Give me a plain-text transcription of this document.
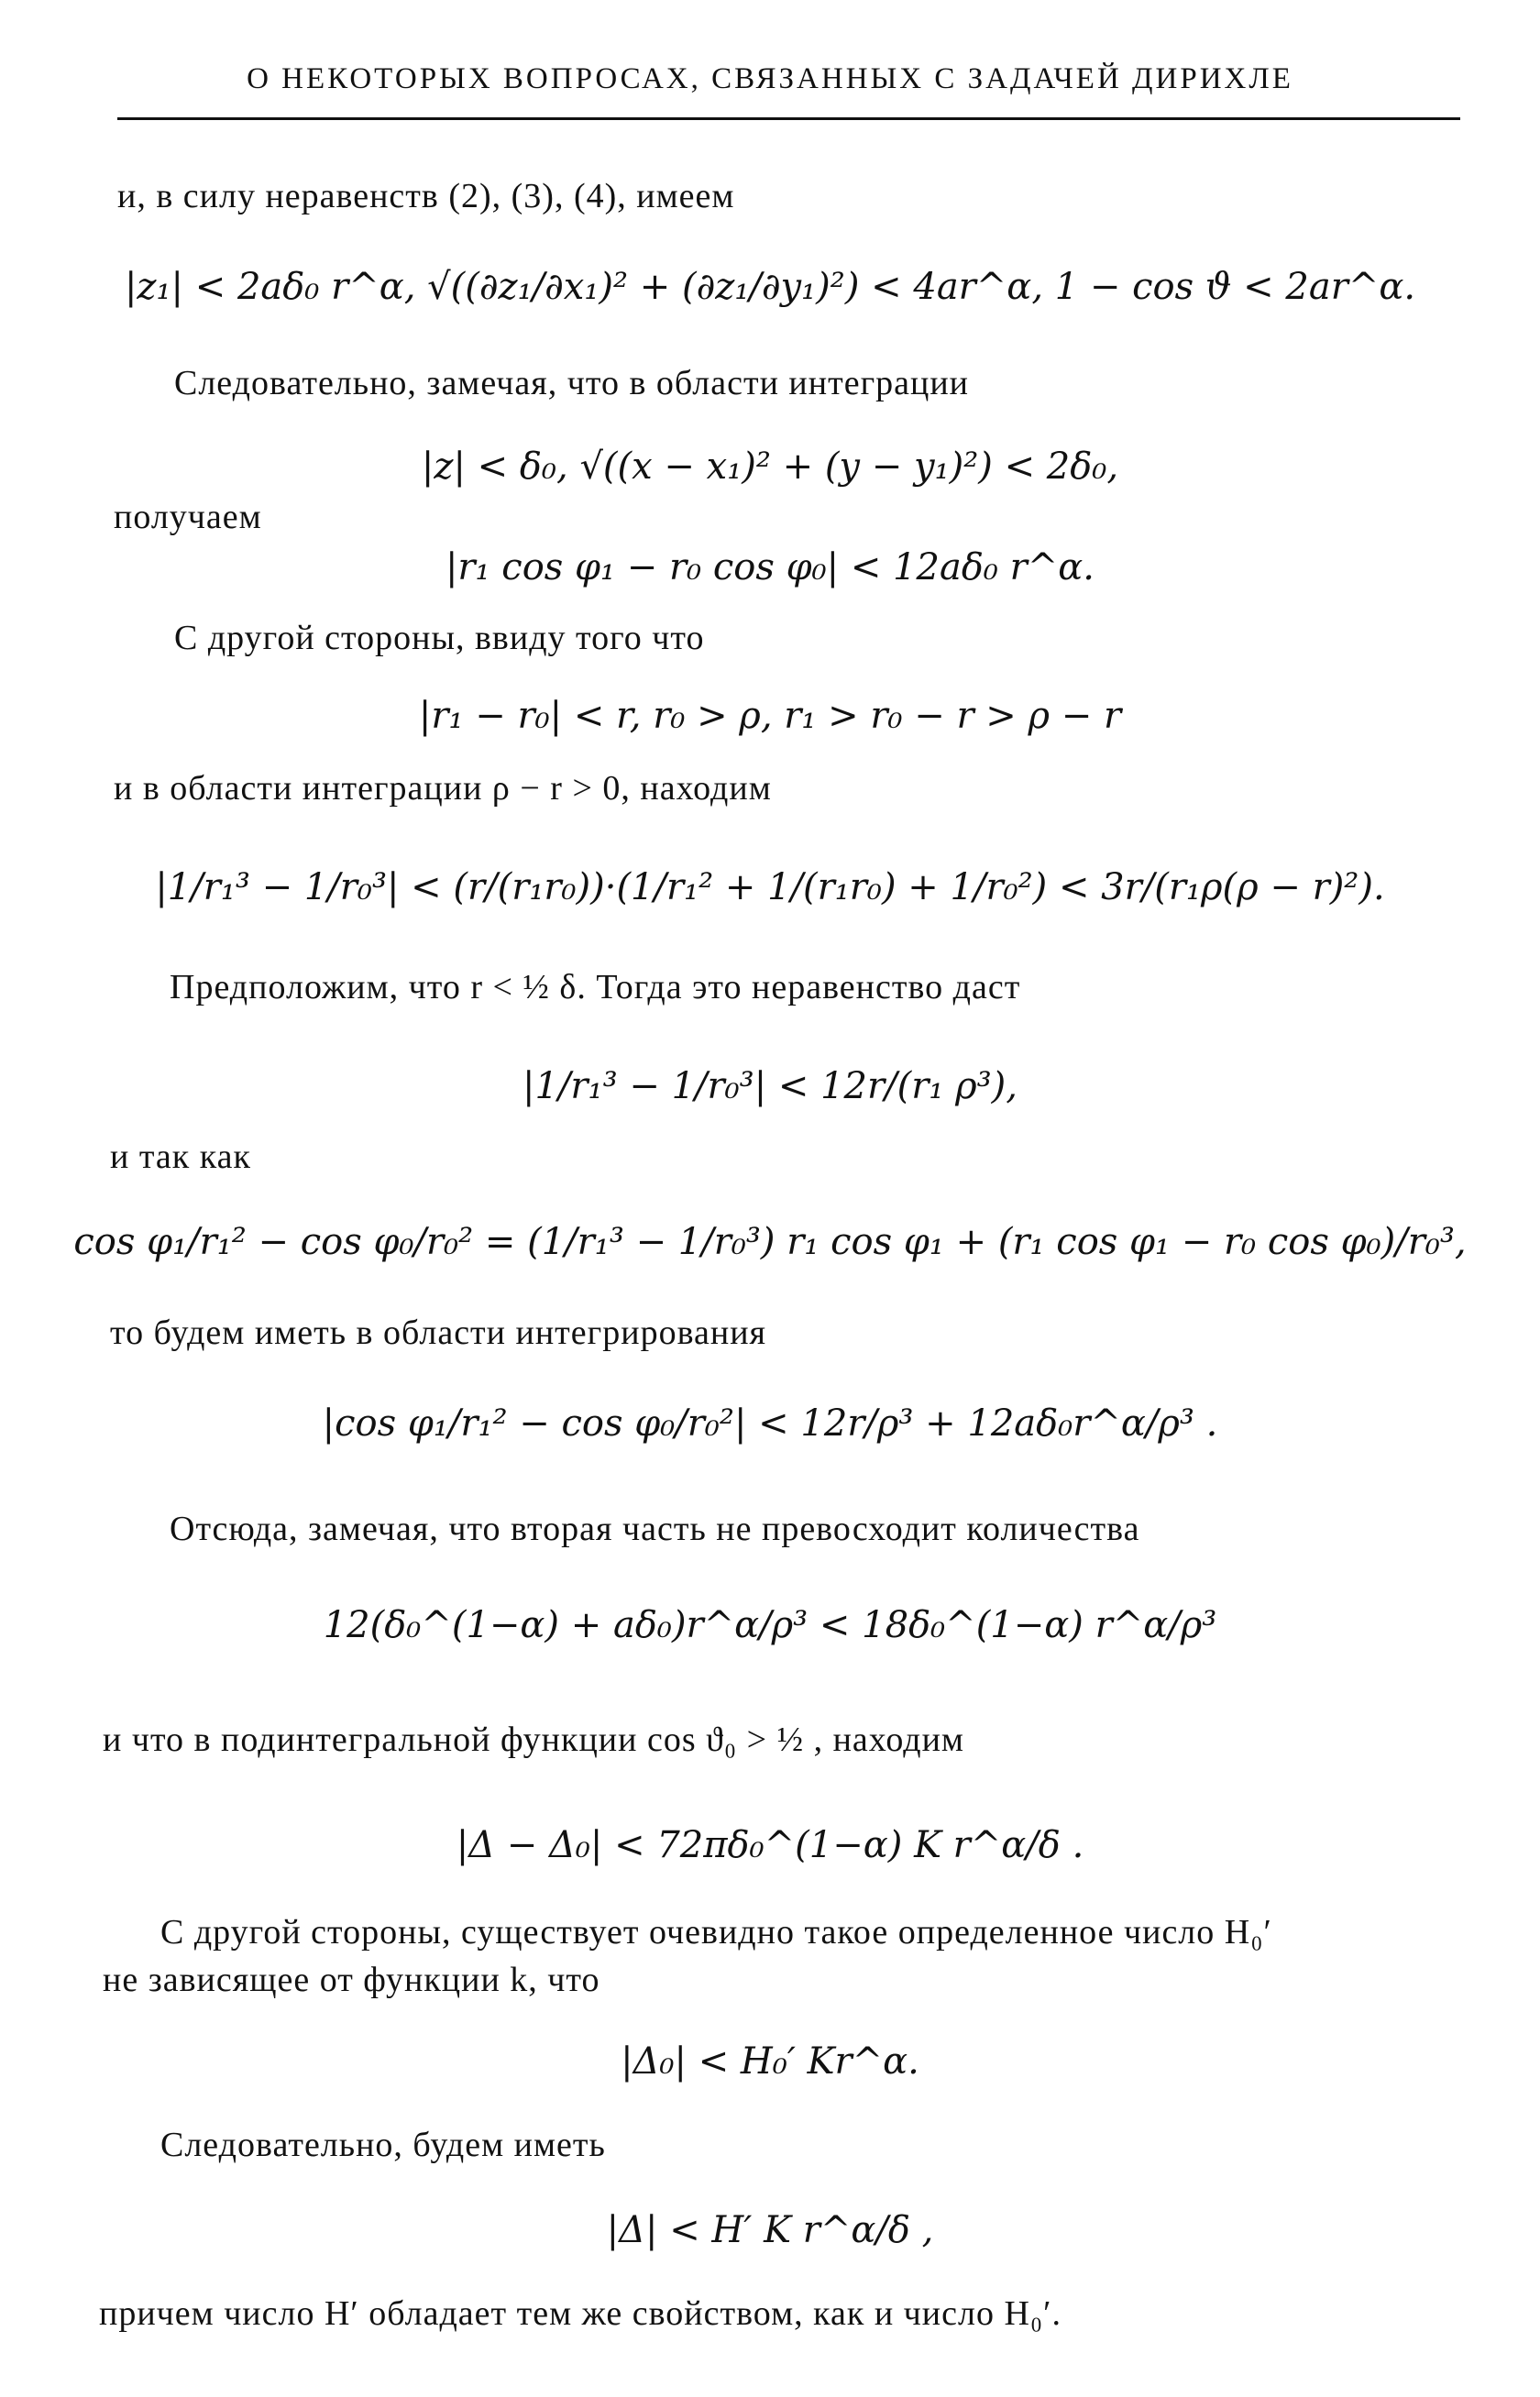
О НЕКОТОРЫХ ВОПРОСАХ, СВЯЗАННЫХ С ЗАДАЧЕЙ ДИРИХЛЕ
и, в силу неравенств (2), (3), (4), имеем
|z₁| < 2aδ₀ r^α, √((∂z₁/∂x₁)² + (∂z₁/∂y₁)²) < 4ar^α, 1 − cos ϑ < 2ar^α.
Следовательно, замечая, что в области интеграции
|z| < δ₀, √((x − x₁)² + (y − y₁)²) < 2δ₀,
получаем
|r₁ cos φ₁ − r₀ cos φ₀| < 12aδ₀ r^α.
С другой стороны, ввиду того что
|r₁ − r₀| < r, r₀ > ρ, r₁ > r₀ − r > ρ − r
и в области интеграции ρ − r > 0, находим
|1/r₁³ − 1/r₀³| < (r/(r₁r₀))·(1/r₁² + 1/(r₁r₀) + 1/r₀²) < 3r/(r₁ρ(ρ − r)²).
Предположим, что r < ½ δ. Тогда это неравенство даст
|1/r₁³ − 1/r₀³| < 12r/(r₁ ρ³),
и так как
cos φ₁/r₁² − cos φ₀/r₀² = (1/r₁³ − 1/r₀³) r₁ cos φ₁ + (r₁ cos φ₁ − r₀ cos φ₀)/r₀³,
то будем иметь в области интегрирования
|cos φ₁/r₁² − cos φ₀/r₀²| < 12r/ρ³ + 12aδ₀r^α/ρ³ .
Отсюда, замечая, что вторая часть не превосходит количества
12(δ₀^(1−α) + aδ₀)r^α/ρ³ < 18δ₀^(1−α) r^α/ρ³
и что в подинтегральной функции cos ϑ₀ > ½ , находим
|Δ − Δ₀| < 72πδ₀^(1−α) K r^α/δ .
С другой стороны, существует очевидно такое определенное число H₀′
не зависящее от функции k, что
|Δ₀| < H₀′ Kr^α.
Следовательно, будем иметь
|Δ| < H′ K r^α/δ ,
причем число H′ обладает тем же свойством, как и число H₀′.
